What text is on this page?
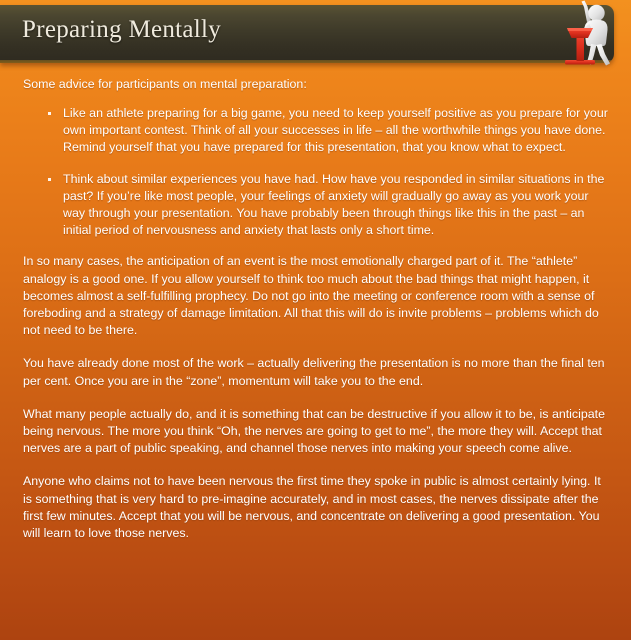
Preparing Mentally
Some advice for participants on mental preparation:
Like an athlete preparing for a big game, you need to keep yourself positive as you prepare for your own important contest. Think of all your successes in life – all the worthwhile things you have done. Remind yourself that you have prepared for this presentation, that you know what to expect.
Think about similar experiences you have had. How have you responded in similar situations in the past? If you’re like most people, your feelings of anxiety will gradually go away as you work your way through your presentation. You have probably been through things like this in the past – an initial period of nervousness and anxiety that lasts only a short time.

In so many cases, the anticipation of an event is the most emotionally charged part of it. The “athlete” analogy is a good one. If you allow yourself to think too much about the bad things that might happen, it becomes almost a self-fulfilling prophecy. Do not go into the meeting or conference room with a sense of foreboding and a strategy of damage limitation. All that this will do is invite problems – problems which do not need to be there.

You have already done most of the work – actually delivering the presentation is no more than the final ten per cent. Once you are in the “zone”, momentum will take you to the end.

What many people actually do, and it is something that can be destructive if you allow it to be, is anticipate being nervous. The more you think “Oh, the nerves are going to get to me”, the more they will. Accept that nerves are a part of public speaking, and channel those nerves into making your speech come alive.

Anyone who claims not to have been nervous the first time they spoke in public is almost certainly lying. It is something that is very hard to pre-imagine accurately, and in most cases, the nerves dissipate after the first few minutes. Accept that you will be nervous, and concentrate on delivering a good presentation. You will learn to love those nerves.
